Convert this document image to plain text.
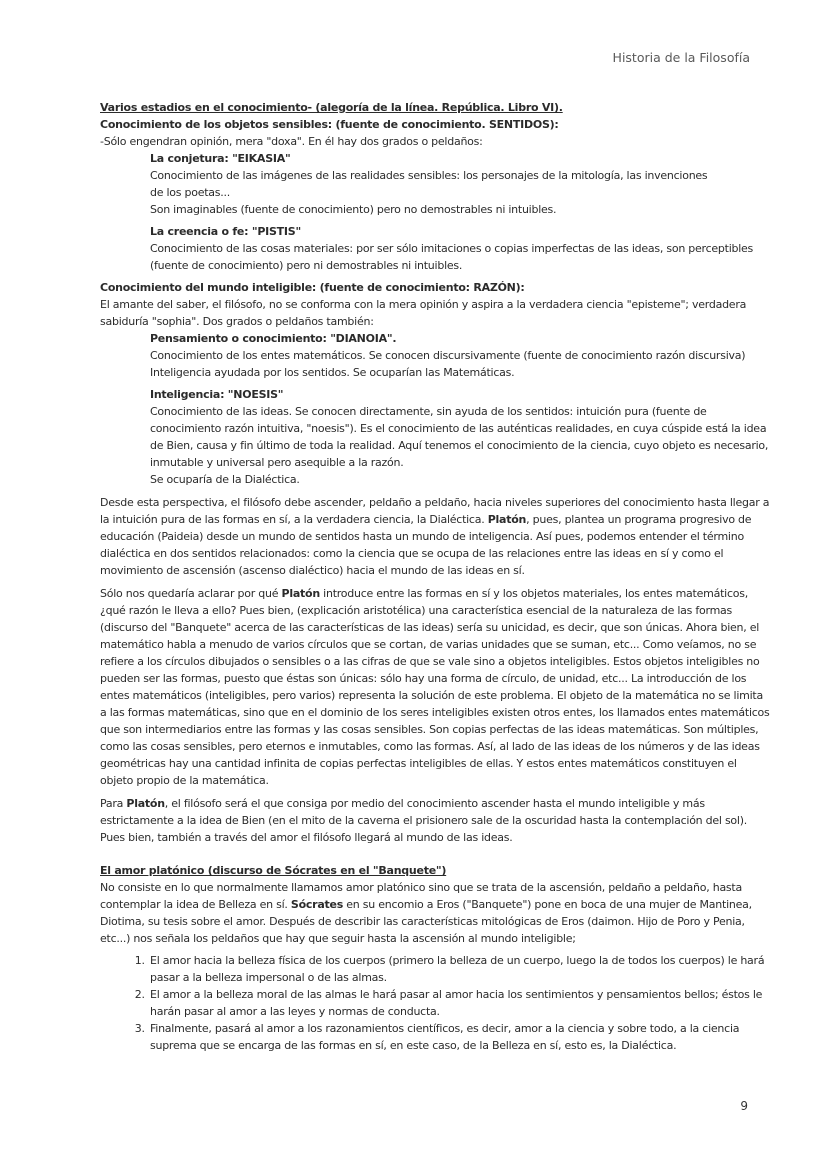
Historia de la Filosofía

Varios estadios en el conocimiento- (alegoría de la línea. República. Libro VI).

Conocimiento de los objetos sensibles: (fuente de conocimiento. SENTIDOS):

-Sólo engendran opinión, mera "doxa". En él hay dos grados o peldaños:

La conjetura: "EIKASIA"

Conocimiento de las imágenes de las realidades sensibles: los personajes de la mitología, las invenciones

de los poetas...

Son imaginables (fuente de conocimiento) pero no demostrables ni intuibles.

La creencia o fe: "PISTIS"

Conocimiento de las cosas materiales: por ser sólo imitaciones o copias imperfectas de las ideas, son perceptibles (fuente de conocimiento) pero ni demostrables ni intuibles.

Conocimiento del mundo inteligible: (fuente de conocimiento: RAZÓN):

El amante del saber, el filósofo, no se conforma con la mera opinión y aspira a la verdadera ciencia "episteme"; verdadera sabiduría "sophia". Dos grados o peldaños también:

Pensamiento o conocimiento: "DIANOIA".

Conocimiento de los entes matemáticos. Se conocen discursivamente (fuente de conocimiento razón discursiva)

Inteligencia ayudada por los sentidos. Se ocuparían las Matemáticas.

Inteligencia: "NOESIS"

Conocimiento de las ideas. Se conocen directamente, sin ayuda de los sentidos: intuición pura (fuente de conocimiento razón intuitiva, "noesis"). Es el conocimiento de las auténticas realidades, en cuya cúspide está la idea de Bien, causa y fin último de toda la realidad. Aquí tenemos el conocimiento de la ciencia, cuyo objeto es necesario, inmutable y universal pero asequible a la razón.

Se ocuparía de la Dialéctica.

Desde esta perspectiva, el filósofo debe ascender, peldaño a peldaño, hacia niveles superiores del conocimiento hasta llegar a la intuición pura de las formas en sí, a la verdadera ciencia, la Dialéctica. Platón, pues, plantea un programa progresivo de educación (Paideia) desde un mundo de sentidos hasta un mundo de inteligencia. Así pues, podemos entender el término dialéctica en dos sentidos relacionados: como la ciencia que se ocupa de las relaciones entre las ideas en sí y como el movimiento de ascensión (ascenso dialéctico) hacia el mundo de las ideas en sí.

Sólo nos quedaría aclarar por qué Platón introduce entre las formas en sí y los objetos materiales, los entes matemáticos, ¿qué razón le lleva a ello? Pues bien, (explicación aristotélica) una característica esencial de la naturaleza de las formas (discurso del "Banquete" acerca de las características de las ideas) sería su unicidad, es decir, que son únicas. Ahora bien, el matemático habla a menudo de varios círculos que se cortan, de varias unidades que se suman, etc... Como veíamos, no se refiere a los círculos dibujados o sensibles o a las cifras de que se vale sino a objetos inteligibles. Estos objetos inteligibles no pueden ser las formas, puesto que éstas son únicas: sólo hay una forma de círculo, de unidad, etc... La introducción de los entes matemáticos (inteligibles, pero varios) representa la solución de este problema. El objeto de la matemática no se limita a las formas matemáticas, sino que en el dominio de los seres inteligibles existen otros entes, los llamados entes matemáticos que son intermediarios entre las formas y las cosas sensibles. Son copias perfectas de las ideas matemáticas. Son múltiples, como las cosas sensibles, pero eternos e inmutables, como las formas. Así, al lado de las ideas de los números y de las ideas geométricas hay una cantidad infinita de copias perfectas inteligibles de ellas. Y estos entes matemáticos constituyen el objeto propio de la matemática.

Para Platón, el filósofo será el que consiga por medio del conocimiento ascender hasta el mundo inteligible y más estrictamente a la idea de Bien (en el mito de la caverna el prisionero sale de la oscuridad hasta la contemplación del sol). Pues bien, también a través del amor el filósofo llegará al mundo de las ideas.

El amor platónico (discurso de Sócrates en el "Banquete")

No consiste en lo que normalmente llamamos amor platónico sino que se trata de la ascensión, peldaño a peldaño, hasta contemplar la idea de Belleza en sí. Sócrates en su encomio a Eros ("Banquete") pone en boca de una mujer de Mantinea, Diotima, su tesis sobre el amor. Después de describir las características mitológicas de Eros (daimon. Hijo de Poro y Penia, etc...) nos señala los peldaños que hay que seguir hasta la ascensión al mundo inteligible;

1. El amor hacia la belleza física de los cuerpos (primero la belleza de un cuerpo, luego la de todos los cuerpos) le hará pasar a la belleza impersonal o de las almas.
2. El amor a la belleza moral de las almas le hará pasar al amor hacia los sentimientos y pensamientos bellos; éstos le harán pasar al amor a las leyes y normas de conducta.
3. Finalmente, pasará al amor a los razonamientos científicos, es decir, amor a la ciencia y sobre todo, a la ciencia suprema que se encarga de las formas en sí, en este caso, de la Belleza en sí, esto es, la Dialéctica.
9
